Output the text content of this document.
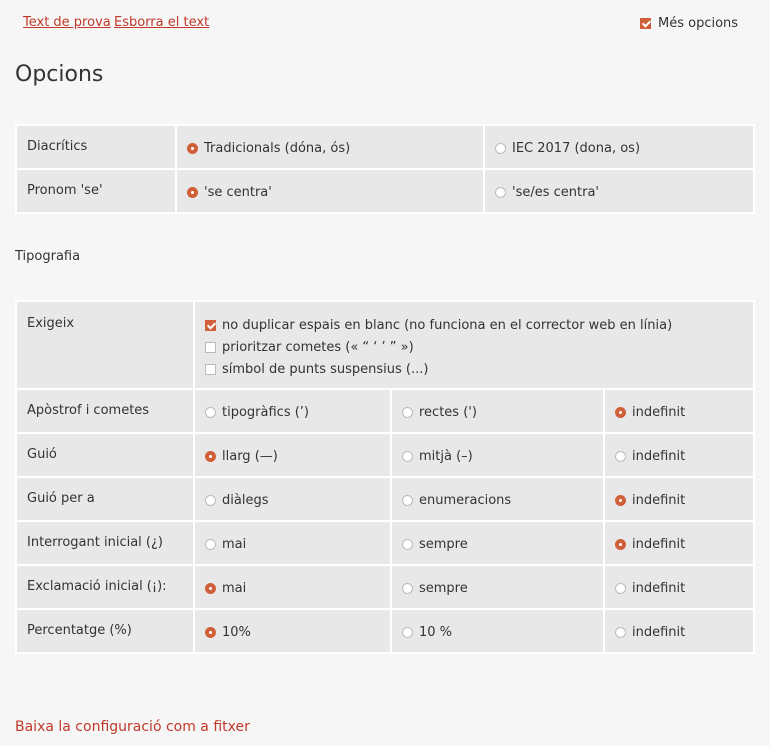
Text de prova Esborra el text	Més opcions
Opcions
Diacrítics	Tradicionals (dóna, ós)	IEC 2017 (dona, os)

Pronom 'se'	'se centra'	'se/es centra'
Tipografia
Exigeix	no duplicar espais en blanc (no funciona en el corrector web en línia)
prioritzar cometes (« “ ‘ ’ ” »)
símbol de punts suspensius (...)		

Apòstrof i cometes	tipogràfics (’)	rectes (')	indefinit

Guió	llarg (—)	mitjà (–)	indefinit

Guió per a	diàlegs	enumeracions	indefinit

Interrogant inicial (¿)	mai	sempre	indefinit

Exclamació inicial (¡):	mai	sempre	indefinit

Percentatge (%)	10%	10 %	indefinit
Baixa la configuració com a fitxer
